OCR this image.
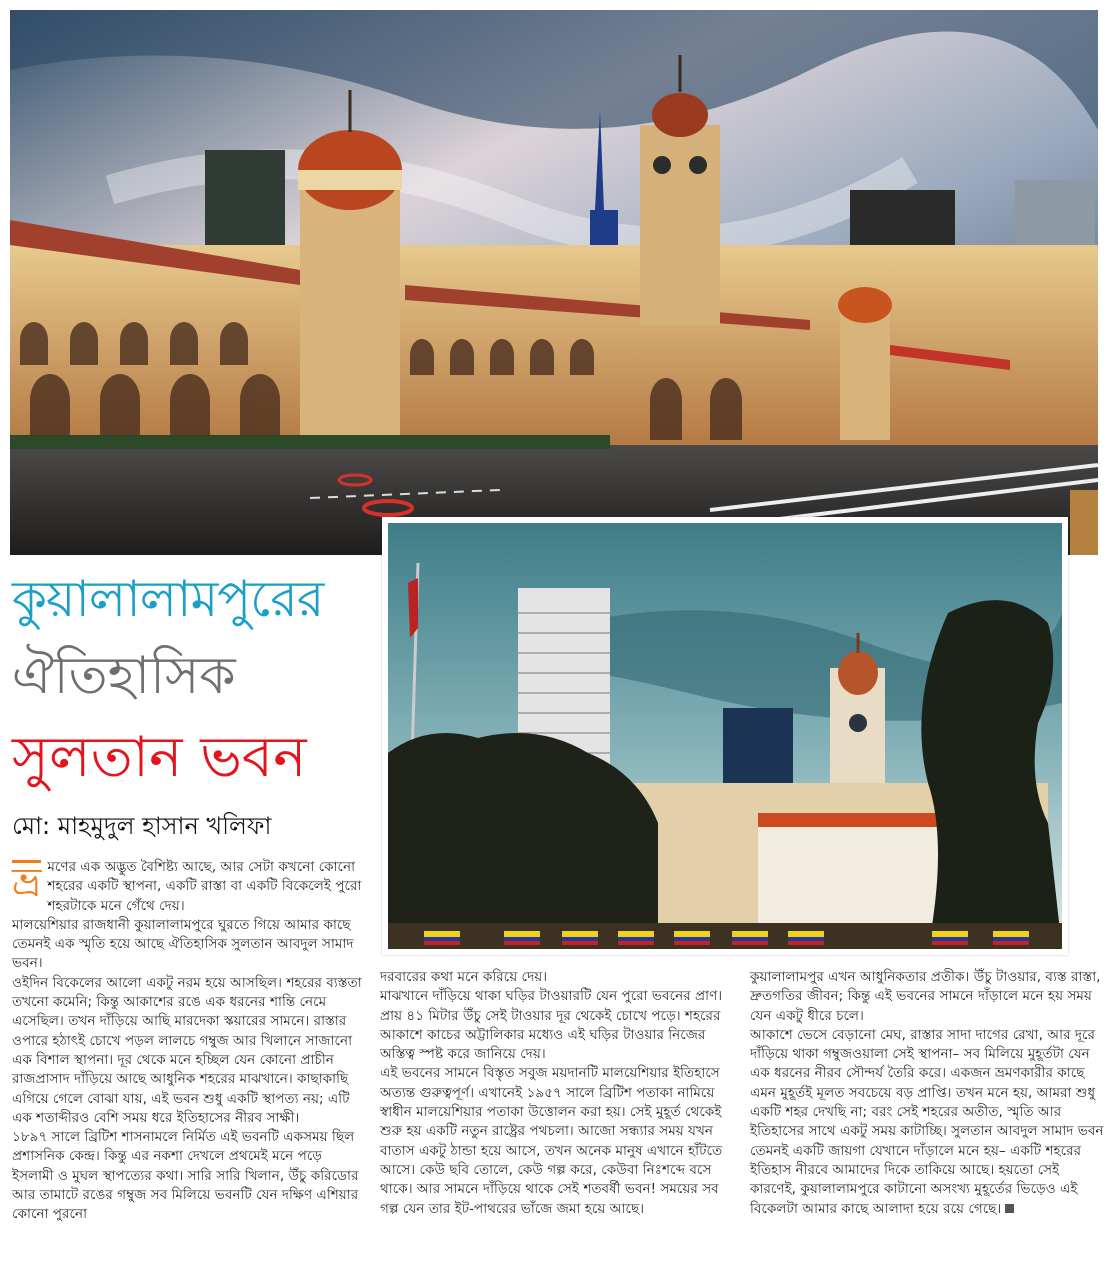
কুয়ালালামপুরের
ঐতিহাসিক
সুলতান ভবন
মো: মাহমুদুল হাসান খলিফা

ভ্র মণের এক অদ্ভুত বৈশিষ্ট্য আছে, আর সেটা কখনো কোনো শহরের একটি স্থাপনা, একটি রাস্তা বা একটি বিকেলেই পুরো শহরটাকে মনে গেঁথে দেয়।

মালয়েশিয়ার রাজধানী কুয়ালালামপুরে ঘুরতে গিয়ে আমার কাছে তেমনই এক স্মৃতি হয়ে আছে ঐতিহাসিক সুলতান আবদুল সামাদ ভবন।

ওইদিন বিকেলের আলো একটু নরম হয়ে আসছিল। শহরের ব্যস্ততা তখনো কমেনি; কিন্তু আকাশের রঙে এক ধরনের শান্তি নেমে এসেছিল। তখন দাঁড়িয়ে আছি মারদেকা স্কয়ারের সামনে। রাস্তার ওপারে হঠাৎই চোখে পড়ল লালচে গম্বুজ আর খিলানে সাজানো এক বিশাল স্থাপনা। দূর থেকে মনে হচ্ছিল যেন কোনো প্রাচীন রাজপ্রাসাদ দাঁড়িয়ে আছে আধুনিক শহরের মাঝখানে। কাছাকাছি এগিয়ে গেলে বোঝা যায়, এই ভবন শুধু একটি স্থাপত্য নয়; এটি এক শতাব্দীরও বেশি সময় ধরে ইতিহাসের নীরব সাক্ষী।

১৮৯৭ সালে ব্রিটিশ শাসনামলে নির্মিত এই ভবনটি একসময় ছিল প্রশাসনিক কেন্দ্র। কিন্তু এর নকশা দেখলে প্রথমেই মনে পড়ে ইসলামী ও মুঘল স্থাপত্যের কথা। সারি সারি খিলান, উঁচু করিডোর আর তামাটে রঙের গম্বুজ সব মিলিয়ে ভবনটি যেন দক্ষিণ এশিয়ার কোনো পুরনো

দরবারের কথা মনে করিয়ে দেয়।

মাঝখানে দাঁড়িয়ে থাকা ঘড়ির টাওয়ারটি যেন পুরো ভবনের প্রাণ। প্রায় ৪১ মিটার উঁচু সেই টাওয়ার দূর থেকেই চোখে পড়ে। শহরের আকাশে কাচের অট্টালিকার মধ্যেও এই ঘড়ির টাওয়ার নিজের অস্তিত্ব স্পষ্ট করে জানিয়ে দেয়।

এই ভবনের সামনে বিস্তৃত সবুজ ময়দানটি মালয়েশিয়ার ইতিহাসে অত্যন্ত গুরুত্বপূর্ণ। এখানেই ১৯৫৭ সালে ব্রিটিশ পতাকা নামিয়ে স্বাধীন মালয়েশিয়ার পতাকা উত্তোলন করা হয়। সেই মুহূর্ত থেকেই শুরু হয় একটি নতুন রাষ্ট্রের পথচলা। আজো সন্ধ্যার সময় যখন বাতাস একটু ঠান্ডা হয়ে আসে, তখন অনেক মানুষ এখানে হাঁটতে আসে। কেউ ছবি তোলে, কেউ গল্প করে, কেউবা নিঃশব্দে বসে থাকে। আর সামনে দাঁড়িয়ে থাকে সেই শতবর্ষী ভবন! সময়ের সব গল্প যেন তার ইট-পাথরের ভাঁজে জমা হয়ে আছে।

কুয়ালালামপুর এখন আধুনিকতার প্রতীক। উঁচু টাওয়ার, ব্যস্ত রাস্তা, দ্রুতগতির জীবন; কিন্তু এই ভবনের সামনে দাঁড়ালে মনে হয় সময় যেন একটু ধীরে চলে।

আকাশে ভেসে বেড়ানো মেঘ, রাস্তার সাদা দাগের রেখা, আর দূরে দাঁড়িয়ে থাকা গম্বুজওয়ালা সেই স্থাপনা– সব মিলিয়ে মুহূর্তটা যেন এক ধরনের নীরব সৌন্দর্য তৈরি করে। একজন ভ্রমণকারীর কাছে এমন মুহূর্তই মূলত সবচেয়ে বড় প্রাপ্তি। তখন মনে হয়, আমরা শুধু একটি শহর দেখছি না; বরং সেই শহরের অতীত, স্মৃতি আর ইতিহাসের সাথে একটু সময় কাটাচ্ছি। সুলতান আবদুল সামাদ ভবন তেমনই একটি জায়গা যেখানে দাঁড়ালে মনে হয়– একটি শহরের ইতিহাস নীরবে আমাদের দিকে তাকিয়ে আছে। হয়তো সেই কারণেই, কুয়ালালামপুরে কাটানো অসংখ্য মুহূর্তের ভিড়েও এই বিকেলটা আমার কাছে আলাদা হয়ে রয়ে গেছে।
